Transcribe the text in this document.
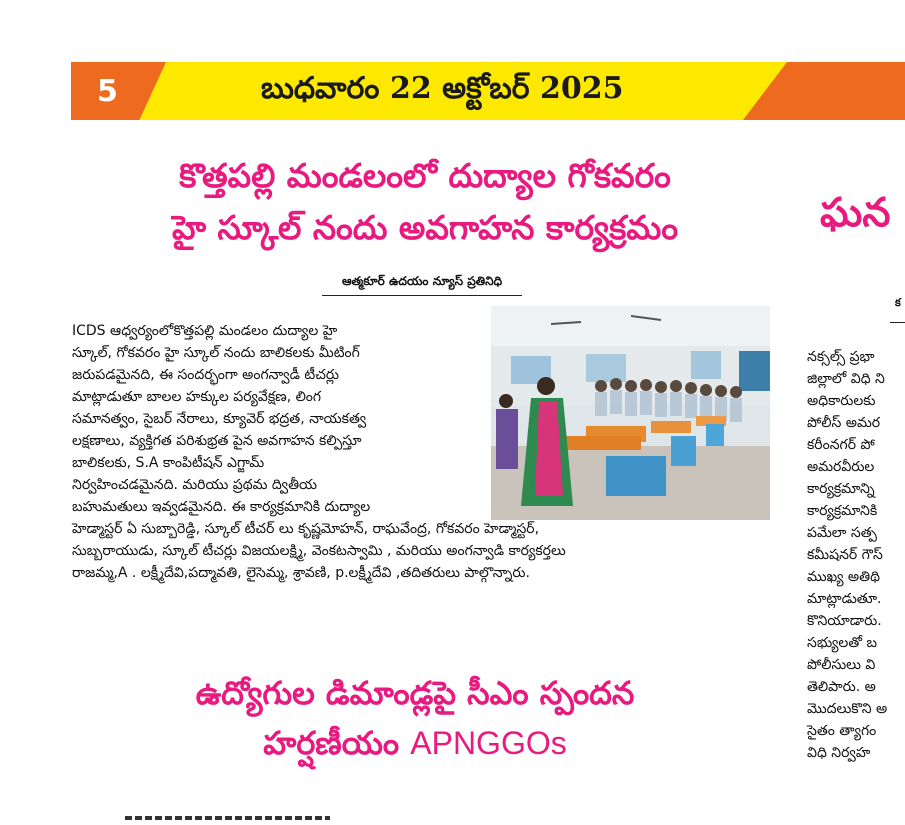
5	బుధవారం 22 అక్టోబర్ 2025
కొత్తపల్లి మండలంలో దుద్యాల గోకవరం
హై స్కూల్ నందు అవగాహన కార్యక్రమం
ఆత్మకూర్ ఉదయం న్యూస్ ప్రతినిధి
ICDS ఆధ్వర్యంలోకొత్తపల్లి మండలం దుద్యాల హై
స్కూల్, గోకవరం హై స్కూల్ నందు బాలికలకు మీటింగ్
జరుపడమైనది, ఈ సందర్భంగా అంగన్వాడీ టీచర్లు
మాట్లాడుతూ బాలల హక్కుల పర్యవేక్షణ, లింగ
సమానత్వం, సైబర్ నేరాలు, క్యూవెర్ భద్రత, నాయకత్వ
లక్షణాలు, వ్యక్తిగత పరిశుభ్రత పైన అవగాహన కల్పిస్తూ
బాలికలకు, S.A కాంపిటీషన్ ఎగ్జామ్
నిర్వహించడమైనది. మరియు ప్రథమ ద్వితీయ
బహుమతులు ఇవ్వడమైనది. ఈ కార్యక్రమానికి దుద్యాల
హెడ్మాస్టర్ ఏ సుబ్బారెడ్డి, స్కూల్ టీచర్ లు కృష్ణమోహన్, రాఘవేంద్ర, గోకవరం హెడ్మాస్టర్,
సుబ్బరాయుడు, స్కూల్ టీచర్లు విజయలక్ష్మి, వెంకటస్వామి , మరియు అంగన్వాడి కార్యకర్తలు
రాజమ్మ,A . లక్ష్మీదేవి,పద్మావతి, లైసెమ్మ, శ్రావణి, p.లక్ష్మీదేవి ,తదితరులు పాల్గొన్నారు.
ఉద్యోగుల డిమాండ్లపై సీఎం స్పందన
హర్షణీయం APNGGOs
ఘన
క
నక్సల్స్ ప్రభా
జిల్లాలో విధి ని
అధికారులకు
పోలీస్ అమర
కరీంనగర్ పో
అమరవీరుల
కార్యక్రమాన్ని
కార్యక్రమానికి
పమేలా సత్ప
కమీషనర్ గౌస్
ముఖ్య అతిథి
మాట్లాడుతూ.
కొనియాడారు.
సభ్యులతో బ
పోలీసులు వి
తెలిపారు. అ
మొదలుకొని అ
సైతం త్యాగం
విధి నిర్వహ
